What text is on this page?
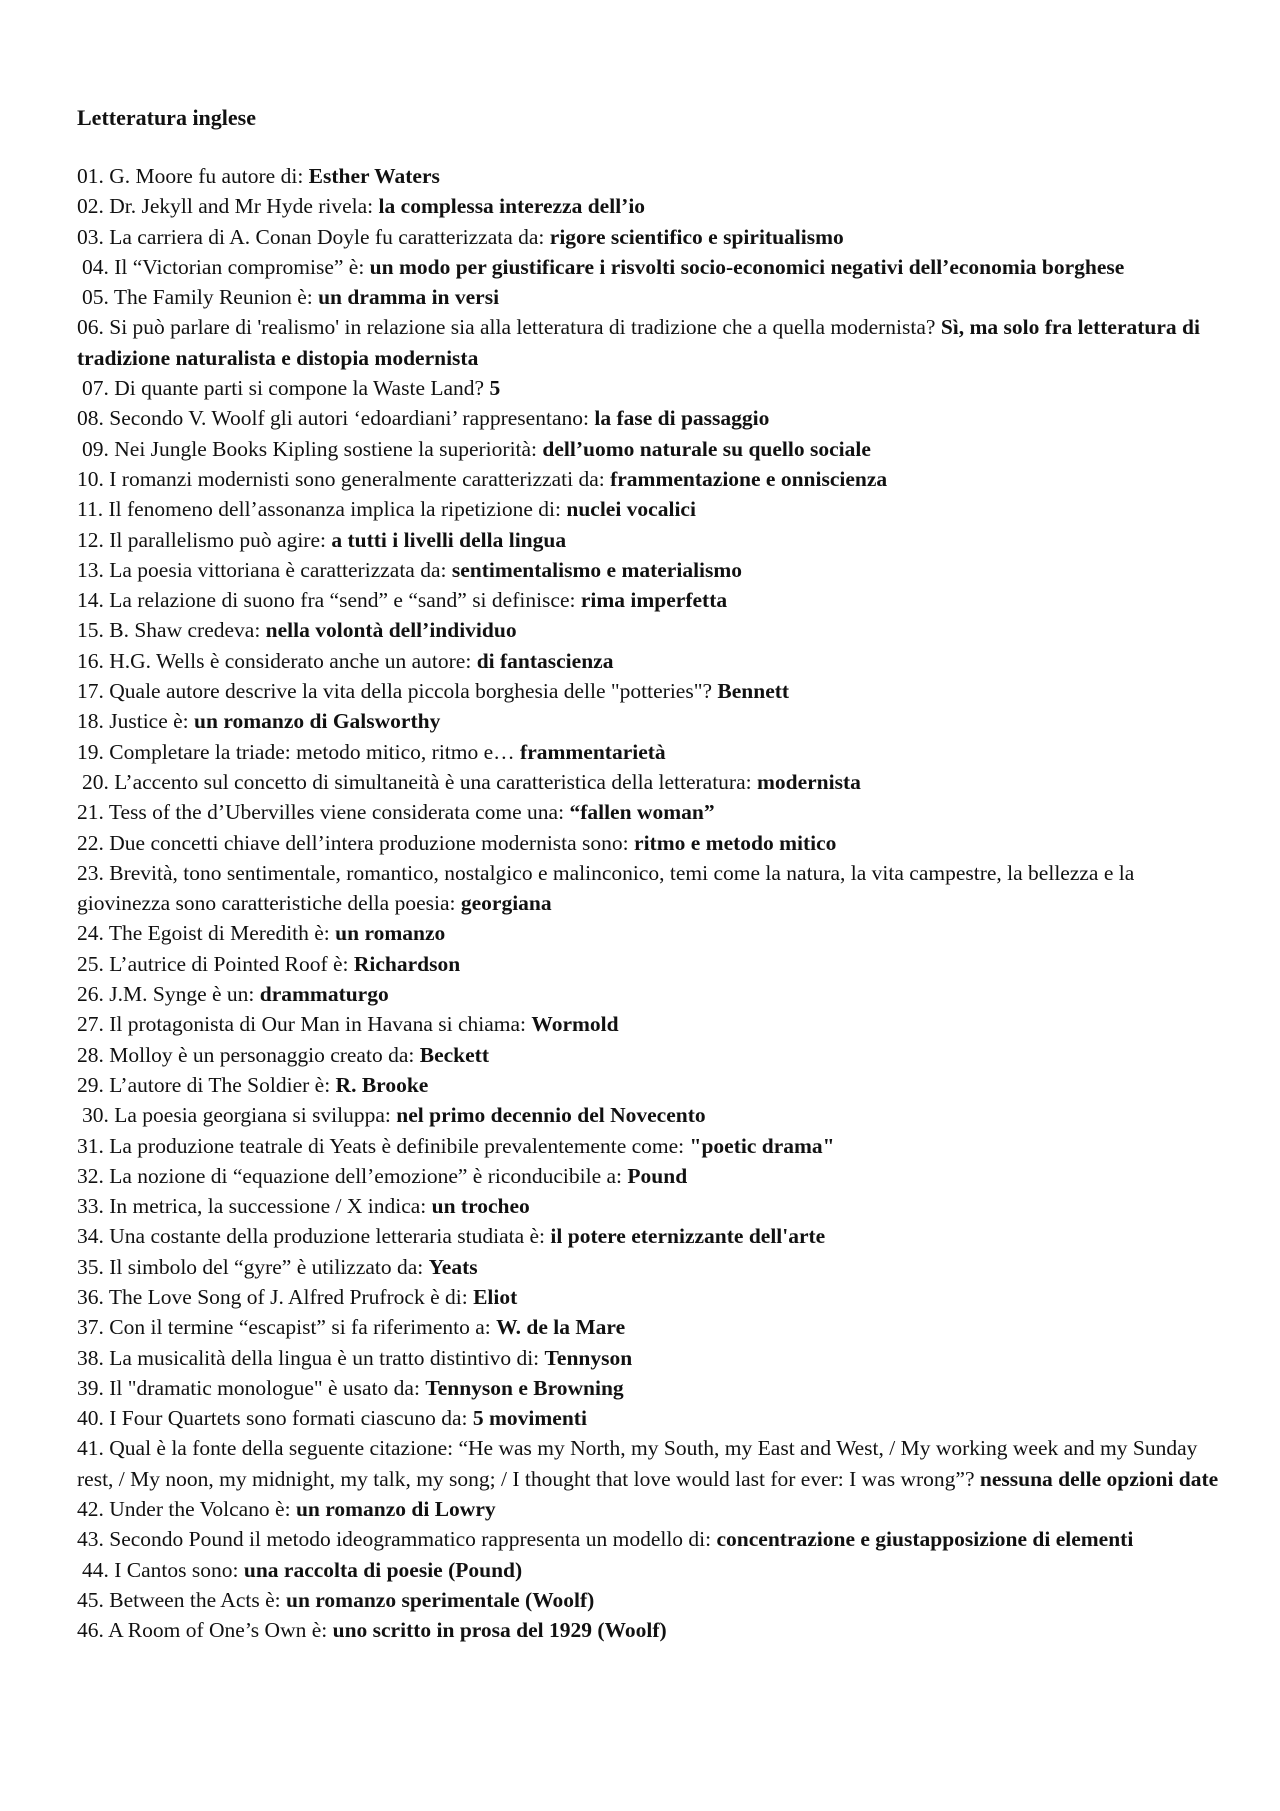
Letteratura inglese
01. G. Moore fu autore di: Esther Waters
02. Dr. Jekyll and Mr Hyde rivela: la complessa interezza dell’io
03. La carriera di A. Conan Doyle fu caratterizzata da: rigore scientifico e spiritualismo
04. Il “Victorian compromise” è: un modo per giustificare i risvolti socio-economici negativi dell’economia borghese
05. The Family Reunion è: un dramma in versi
06. Si può parlare di 'realismo' in relazione sia alla letteratura di tradizione che a quella modernista? Sì, ma solo fra letteratura di tradizione naturalista e distopia modernista
07. Di quante parti si compone la Waste Land? 5
08. Secondo V. Woolf gli autori ‘edoardiani’ rappresentano: la fase di passaggio
09. Nei Jungle Books Kipling sostiene la superiorità: dell’uomo naturale su quello sociale
10. I romanzi modernisti sono generalmente caratterizzati da: frammentazione e onniscienza
11. Il fenomeno dell’assonanza implica la ripetizione di: nuclei vocalici
12. Il parallelismo può agire: a tutti i livelli della lingua
13. La poesia vittoriana è caratterizzata da: sentimentalismo e materialismo
14. La relazione di suono fra “send” e “sand” si definisce: rima imperfetta
15. B. Shaw credeva: nella volontà dell’individuo
16. H.G. Wells è considerato anche un autore: di fantascienza
17. Quale autore descrive la vita della piccola borghesia delle "potteries"? Bennett
18. Justice è: un romanzo di Galsworthy
19. Completare la triade: metodo mitico, ritmo e… frammentarietà
20. L’accento sul concetto di simultaneità è una caratteristica della letteratura: modernista
21. Tess of the d’Ubervilles viene considerata come una: “fallen woman”
22. Due concetti chiave dell’intera produzione modernista sono: ritmo e metodo mitico
23. Brevità, tono sentimentale, romantico, nostalgico e malinconico, temi come la natura, la vita campestre, la bellezza e la giovinezza sono caratteristiche della poesia: georgiana
24. The Egoist di Meredith è: un romanzo
25. L’autrice di Pointed Roof è: Richardson
26. J.M. Synge è un: drammaturgo
27. Il protagonista di Our Man in Havana si chiama: Wormold
28. Molloy è un personaggio creato da: Beckett
29. L’autore di The Soldier è: R. Brooke
30. La poesia georgiana si sviluppa: nel primo decennio del Novecento
31. La produzione teatrale di Yeats è definibile prevalentemente come: "poetic drama"
32. La nozione di “equazione dell’emozione” è riconducibile a: Pound
33. In metrica, la successione / X indica: un trocheo
34. Una costante della produzione letteraria studiata è: il potere eternizzante dell'arte
35. Il simbolo del “gyre” è utilizzato da: Yeats
36. The Love Song of J. Alfred Prufrock è di: Eliot
37. Con il termine “escapist” si fa riferimento a: W. de la Mare
38. La musicalità della lingua è un tratto distintivo di: Tennyson
39. Il "dramatic monologue" è usato da: Tennyson e Browning
40. I Four Quartets sono formati ciascuno da: 5 movimenti
41. Qual è la fonte della seguente citazione: “He was my North, my South, my East and West, / My working week and my Sunday rest, / My noon, my midnight, my talk, my song; / I thought that love would last for ever: I was wrong”? nessuna delle opzioni date
42. Under the Volcano è: un romanzo di Lowry
43. Secondo Pound il metodo ideogrammatico rappresenta un modello di: concentrazione e giustapposizione di elementi
44. I Cantos sono: una raccolta di poesie (Pound)
45. Between the Acts è: un romanzo sperimentale (Woolf)
46. A Room of One’s Own è: uno scritto in prosa del 1929 (Woolf)
